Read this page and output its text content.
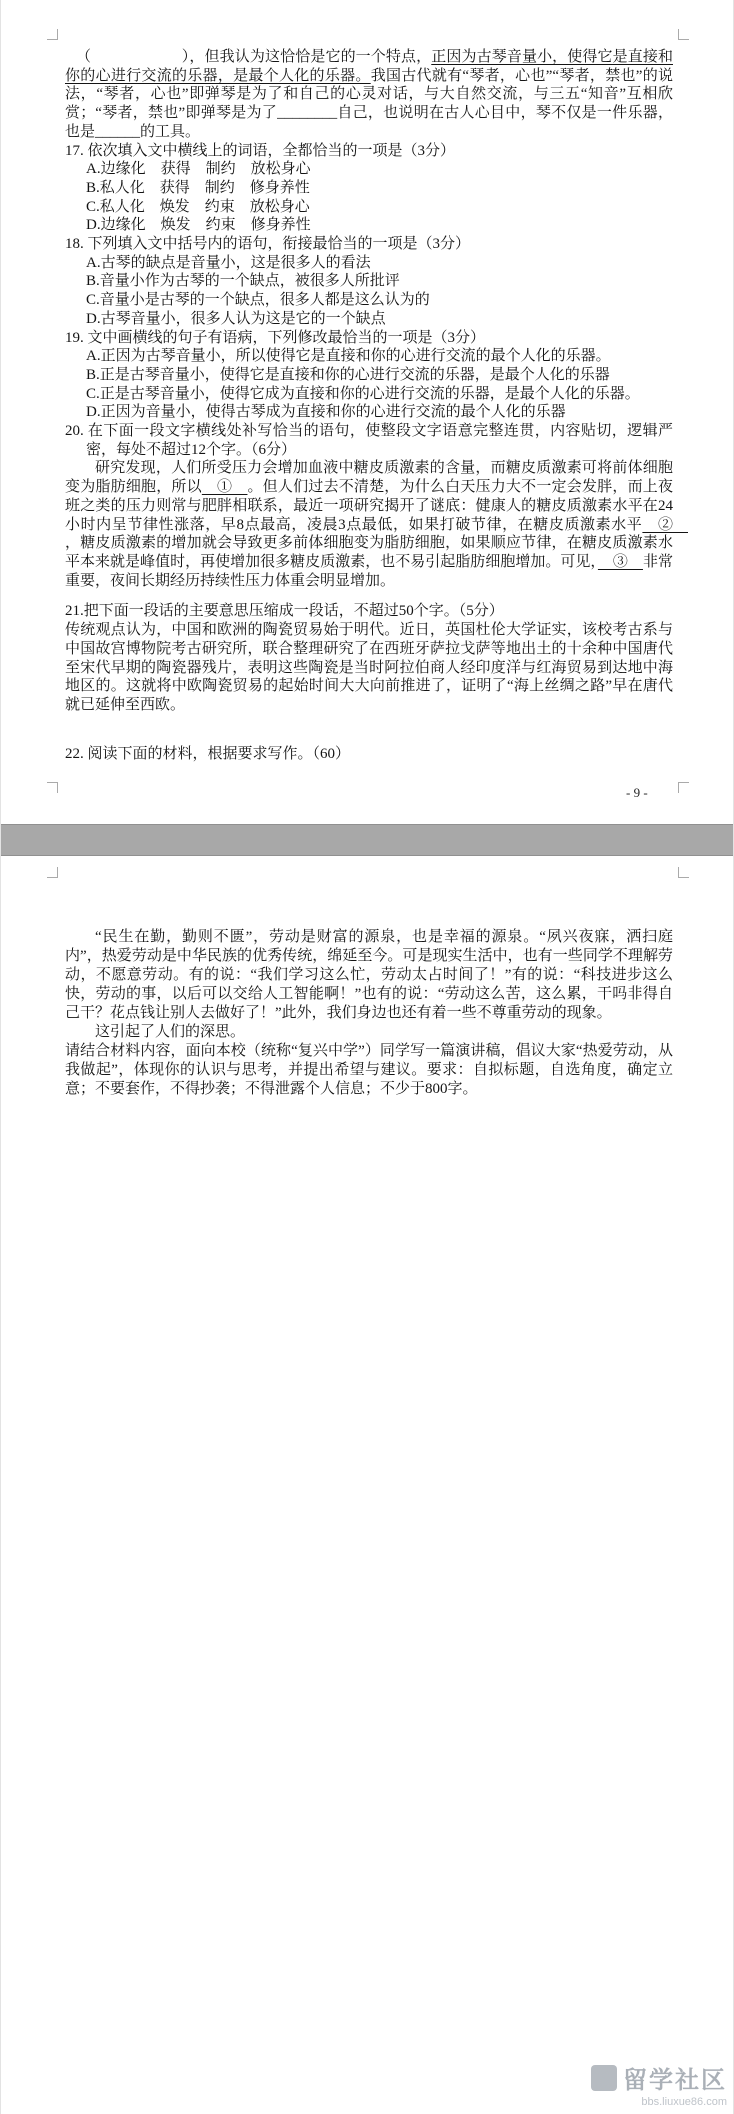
（　　　　　　），但我认为这恰恰是它的一个特点，正因为古琴音量小，使得它是直接和你的心进行交流的乐器，是最个人化的乐器。我国古代就有“琴者，心也”“琴者，禁也”的说法，“琴者，心也”即弹琴是为了和自己的心灵对话，与大自然交流，与三五“知音”互相欣赏；“琴者，禁也”即弹琴是为了________自己，也说明在古人心目中，琴不仅是一件乐器，也是______的工具。

17. 依次填入文中横线上的词语，全都恰当的一项是（3分）

A.边缘化　获得　制约　放松身心

B.私人化　获得　制约　修身养性

C.私人化　焕发　约束　放松身心

D.边缘化　焕发　约束　修身养性

18. 下列填入文中括号内的语句，衔接最恰当的一项是（3分）

A.古琴的缺点是音量小，这是很多人的看法

B.音量小作为古琴的一个缺点，被很多人所批评

C.音量小是古琴的一个缺点，很多人都是这么认为的

D.古琴音量小，很多人认为这是它的一个缺点

19. 文中画横线的句子有语病，下列修改最恰当的一项是（3分）

A.正因为古琴音量小，所以使得它是直接和你的心进行交流的最个人化的乐器。

B.正是古琴音量小，使得它是直接和你的心进行交流的乐器，是最个人化的乐器

C.正是古琴音量小，使得它成为直接和你的心进行交流的乐器，是最个人化的乐器。

D.正因为音量小，使得古琴成为直接和你的心进行交流的最个人化的乐器

20. 在下面一段文字横线处补写恰当的语句，使整段文字语意完整连贯，内容贴切，逻辑严密，每处不超过12个字。（6分）

研究发现，人们所受压力会增加血液中糖皮质激素的含量，而糖皮质激素可将前体细胞变为脂肪细胞，所以　①　。但人们过去不清楚，为什么白天压力大不一定会发胖，而上夜班之类的压力则常与肥胖相联系，最近一项研究揭开了谜底：健康人的糖皮质激素水平在24小时内呈节律性涨落，早8点最高，凌晨3点最低，如果打破节律，在糖皮质激素水平　②　，糖皮质激素的增加就会导致更多前体细胞变为脂肪细胞，如果顺应节律，在糖皮质激素水平本来就是峰值时，再使增加很多糖皮质激素，也不易引起脂肪细胞增加。可见，　③　非常重要，夜间长期经历持续性压力体重会明显增加。

21.把下面一段话的主要意思压缩成一段话，不超过50个字。（5分）

传统观点认为，中国和欧洲的陶瓷贸易始于明代。近日，英国杜伦大学证实，该校考古系与中国故宫博物院考古研究所，联合整理研究了在西班牙萨拉戈萨等地出土的十余种中国唐代至宋代早期的陶瓷器残片，表明这些陶瓷是当时阿拉伯商人经印度洋与红海贸易到达地中海地区的。这就将中欧陶瓷贸易的起始时间大大向前推进了，证明了“海上丝绸之路”早在唐代就已延伸至西欧。

22. 阅读下面的材料，根据要求写作。（60）

- 9 -

“民生在勤，勤则不匮”，劳动是财富的源泉，也是幸福的源泉。“夙兴夜寐，洒扫庭内”，热爱劳动是中华民族的优秀传统，绵延至今。可是现实生活中，也有一些同学不理解劳动，不愿意劳动。有的说：“我们学习这么忙，劳动太占时间了！”有的说：“科技进步这么快，劳动的事，以后可以交给人工智能啊！”也有的说：“劳动这么苦，这么累，干吗非得自己干？花点钱让别人去做好了！”此外，我们身边也还有着一些不尊重劳动的现象。

这引起了人们的深思。

请结合材料内容，面向本校（统称“复兴中学”）同学写一篇演讲稿，倡议大家“热爱劳动，从我做起”，体现你的认识与思考，并提出希望与建议。要求：自拟标题，自选角度，确定立意；不要套作，不得抄袭；不得泄露个人信息；不少于800字。

留学社区
bbs.liuxue86.com
